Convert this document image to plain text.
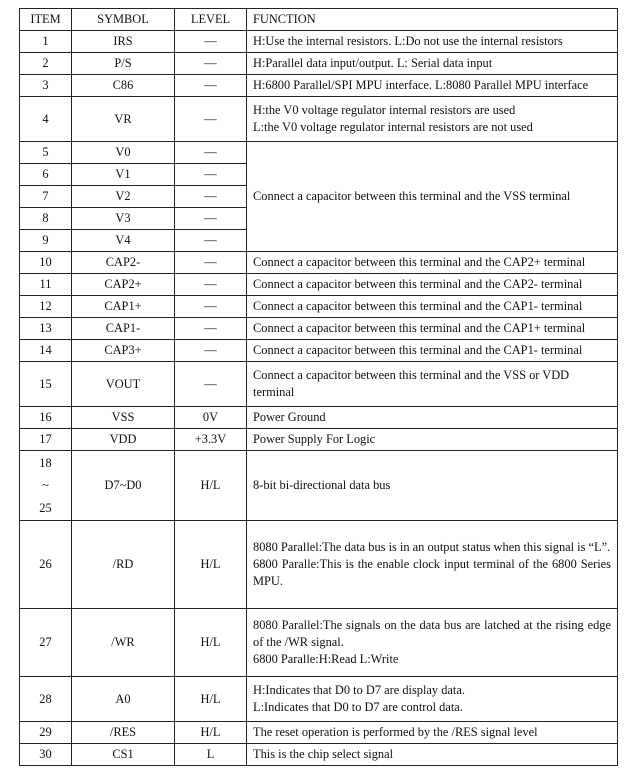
ITEM	SYMBOL	LEVEL	FUNCTION
1	IRS	—	H:Use the internal resistors. L:Do not use the internal resistors
2	P/S	—	H:Parallel data input/output. L: Serial data input
3	C86	—	H:6800 Parallel/SPI MPU interface. L:8080 Parallel MPU interface
4	VR	—	H:the V0 voltage regulator internal resistors are used
L:the V0 voltage regulator internal resistors are not used

5	V0	—	Connect a capacitor between this terminal and the VSS terminal
6	V1	—	
7	V2	—	
8	V3	—	
9	V4	—	
10	CAP2-	—	Connect a capacitor between this terminal and the CAP2+ terminal
11	CAP2+	—	Connect a capacitor between this terminal and the CAP2- terminal
12	CAP1+	—	Connect a capacitor between this terminal and the CAP1- terminal
13	CAP1-	—	Connect a capacitor between this terminal and the CAP1+ terminal
14	CAP3+	—	Connect a capacitor between this terminal and the CAP1- terminal
15	VOUT	—	Connect a capacitor between this terminal and the VSS or VDD terminal
16	VSS	0V	Power Ground
17	VDD	+3.3V	Power Supply For Logic

18
~
25	D7~D0	H/L	8-bit bi-directional data bus
26	/RD	H/L	8080 Parallel:The data bus is in an output status when this signal is “L”.
6800 Paralle:This is the enable clock input terminal of the 6800 Series MPU.

27	/WR	H/L	8080 Parallel:The signals on the data bus are latched at the rising edge of the /WR signal.
6800 Paralle:H:Read L:Write

28	A0	H/L	H:Indicates that D0 to D7 are display data.
L:Indicates that D0 to D7 are control data.

29	/RES	H/L	The reset operation is performed by the /RES signal level
30	CS1	L	This is the chip select signal
